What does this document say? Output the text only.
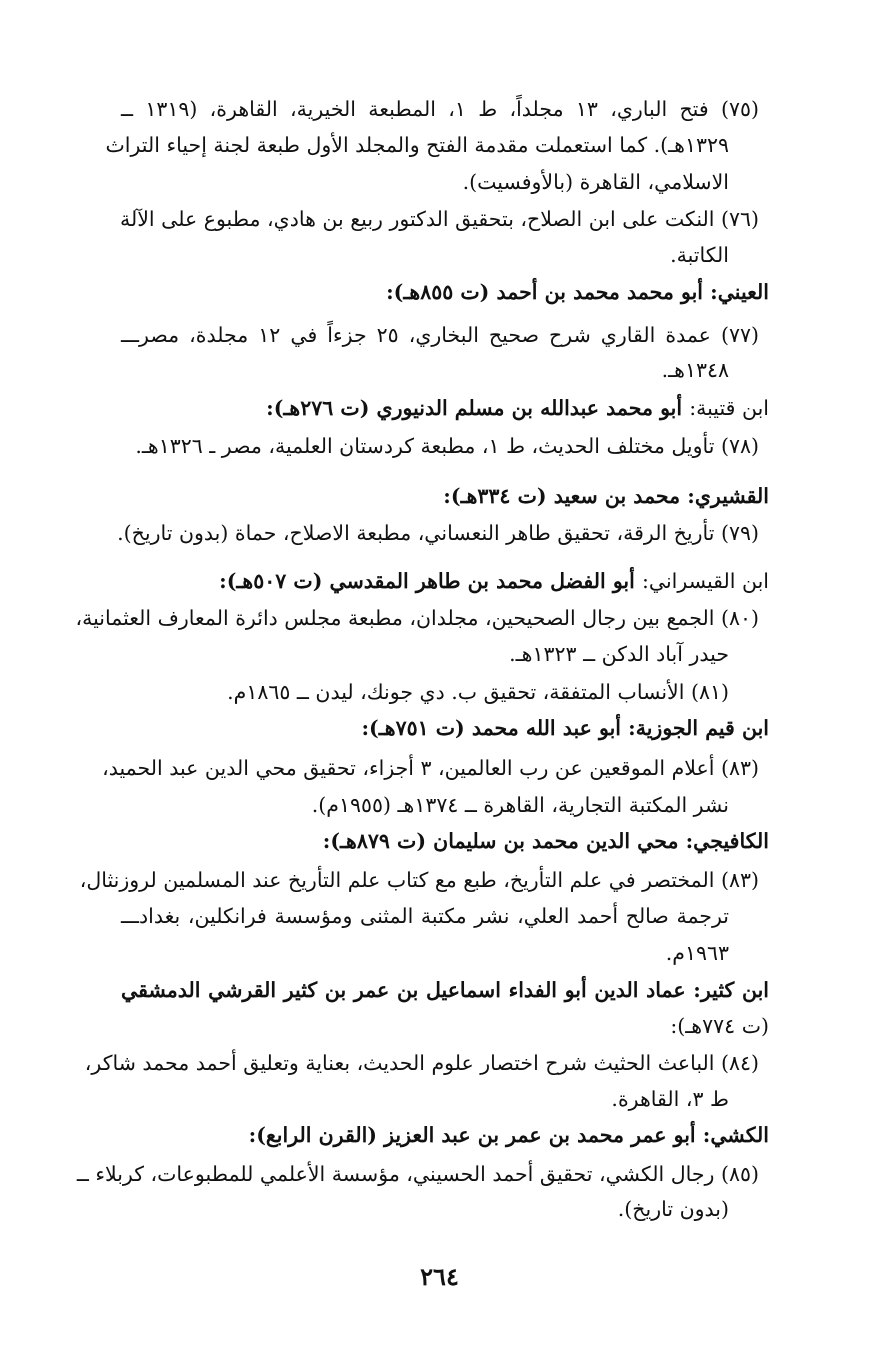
(٧٥) فتح الباري، ١٣ مجلداً، ط ١، المطبعة الخيرية، القاهرة، (١٣١٩ ــ
١٣٢٩هـ). كما استعملت مقدمة الفتح والمجلد الأول طبعة لجنة إحياء التراث
الاسلامي، القاهرة (بالأوفسيت).
(٧٦) النكت على ابن الصلاح، بتحقيق الدكتور ربيع بن هادي، مطبوع على الآلة
الكاتبة.
العيني: أبو محمد محمد بن أحمد (ت ٨٥٥هـ):
(٧٧) عمدة القاري شرح صحيح البخاري، ٢٥ جزءاً في ١٢ مجلدة، مصرـــ
١٣٤٨هـ.
ابن قتيبة: أبو محمد عبدالله بن مسلم الدنيوري (ت ٢٧٦هـ):
(٧٨) تأويل مختلف الحديث، ط ١، مطبعة كردستان العلمية، مصر ـ ١٣٢٦هـ.
القشيري: محمد بن سعيد (ت ٣٣٤هـ):
(٧٩) تأريخ الرقة، تحقيق طاهر النعساني، مطبعة الاصلاح، حماة (بدون تاريخ).
ابن القيسراني: أبو الفضل محمد بن طاهر المقدسي (ت ٥٠٧هـ):
(٨٠) الجمع بين رجال الصحيحين، مجلدان، مطبعة مجلس دائرة المعارف العثمانية،
حيدر آباد الدكن ــ ١٣٢٣هـ.
(٨١) الأنساب المتفقة، تحقيق ب. دي جونك، ليدن ــ ١٨٦٥م.
ابن قيم الجوزية: أبو عبد الله محمد (ت ٧٥١هـ):
(٨٣) أعلام الموقعين عن رب العالمين، ٣ أجزاء، تحقيق محي الدين عبد الحميد،
نشر المكتبة التجارية، القاهرة ــ ١٣٧٤هـ (١٩٥٥م).
الكافيجي: محي الدين محمد بن سليمان (ت ٨٧٩هـ):
(٨٣) المختصر في علم التأريخ، طبع مع كتاب علم التأريخ عند المسلمين لروزنثال،
ترجمة صالح أحمد العلي، نشر مكتبة المثنى ومؤسسة فرانكلين، بغدادـــ
١٩٦٣م.
ابن كثير: عماد الدين أبو الفداء اسماعيل بن عمر بن كثير القرشي الدمشقي
(ت ٧٧٤هـ):
(٨٤) الباعث الحثيث شرح اختصار علوم الحديث، بعناية وتعليق أحمد محمد شاكر،
ط ٣، القاهرة.
الكشي: أبو عمر محمد بن عمر بن عبد العزيز (القرن الرابع):
(٨٥) رجال الكشي، تحقيق أحمد الحسيني، مؤسسة الأعلمي للمطبوعات، كربلاء ــ
(بدون تاريخ).
٢٦٤
